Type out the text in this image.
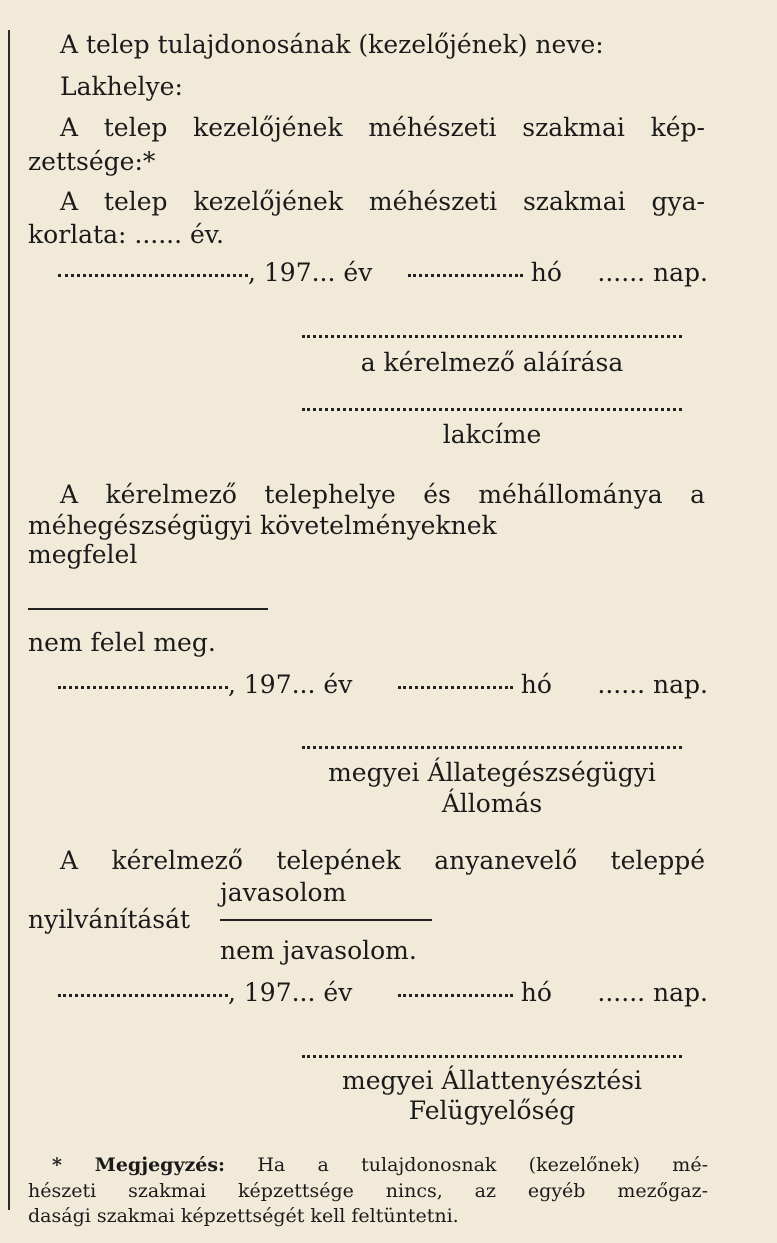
A telep tulajdonosának (kezelőjének) neve:
Lakhelye:
A telep kezelőjének méhészeti szakmai kép-
zettsége:*
A telep kezelőjének méhészeti szakmai gya-
korlata: ...... év.
, 197... év	hó ...... nap.
a kérelmező aláírása
lakcíme
A kérelmező telephelye és méhállománya a
méhegészségügyi követelményeknek
megfelel
nem felel meg.
, 197... év	hó ...... nap.
megyei Állategészségügyi
Állomás
A kérelmező telepének anyanevelő teleppé
javasolom
nyilvánítását
nem javasolom.
, 197... év	hó ...... nap.
megyei Állattenyésztési
Felügyelőség
* Megjegyzés: Ha a tulajdonosnak (kezelőnek) mé-
hészeti szakmai képzettsége nincs, az egyéb mezőgaz-
dasági szakmai képzettségét kell feltüntetni.
